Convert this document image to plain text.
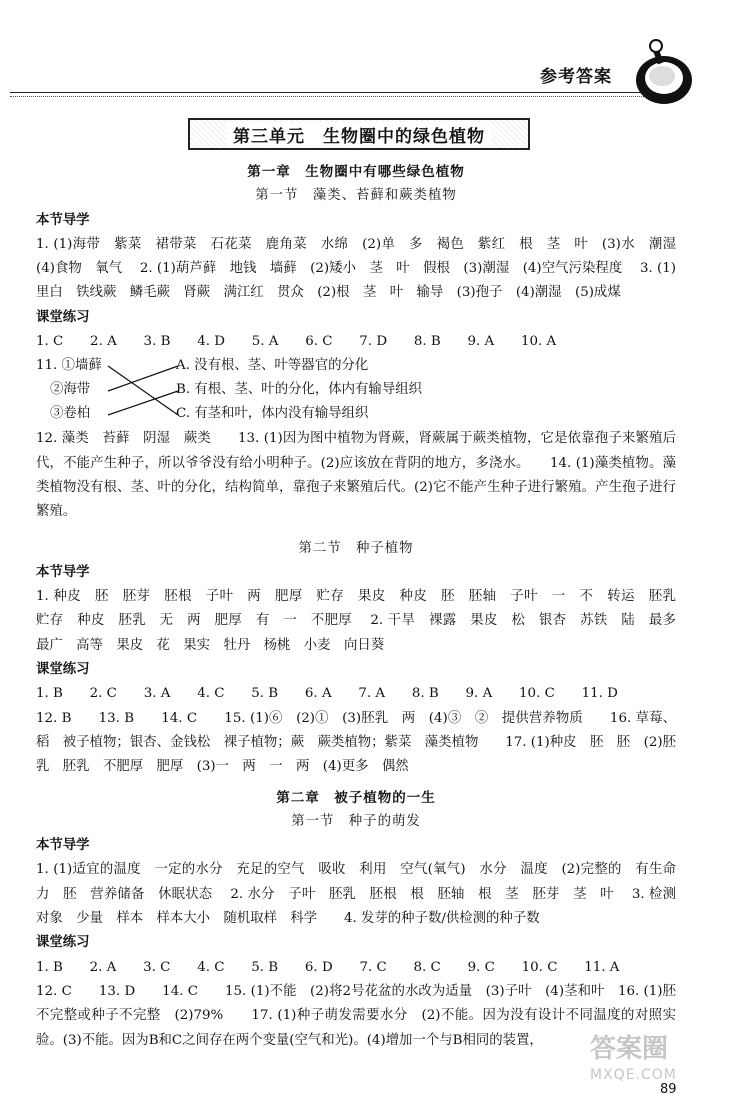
参考答案
第三单元　生物圈中的绿色植物
第一章　生物圈中有哪些绿色植物
第一节　藻类、苔藓和蕨类植物
本节导学
1. (1)海带　紫菜　裙带菜　石花菜　鹿角菜　水绵　(2)单　多　褐色　紫红　根　茎　叶　(3)水　潮湿　(4)食物　氧气　 2. (1)葫芦藓　地钱　墙藓　(2)矮小　茎　叶　假根　(3)潮湿　(4)空气污染程度　 3. (1)里白　铁线蕨　鳞毛蕨　肾蕨　满江红　贯众　(2)根　茎　叶　输导　(3)孢子　(4)潮湿　(5)成煤
课堂练习
1. C　　2. A　　3. B　　4. D　　5. A　　6. C　　7. D　　8. B　　9. A　　10. A
11. ①墙藓
②海带
③卷柏
A. 没有根、茎、叶等器官的分化
B. 有根、茎、叶的分化，体内有输导组织
C. 有茎和叶，体内没有输导组织
12. 藻类　苔藓　阴湿　蕨类　　13. (1)因为图中植物为肾蕨，肾蕨属于蕨类植物，它是依靠孢子来繁殖后代，不能产生种子，所以爷爷没有给小明种子。(2)应该放在背阴的地方，多浇水。　　14. (1)藻类植物。藻类植物没有根、茎、叶的分化，结构简单，靠孢子来繁殖后代。(2)它不能产生种子进行繁殖。产生孢子进行繁殖。
第二节　种子植物
本节导学
1. 种皮　胚　胚芽　胚根　子叶　两　肥厚　贮存　果皮　种皮　胚　胚轴　子叶　一　不　转运　胚乳　贮存　种皮　胚乳　无　两　肥厚　有　一　不肥厚　 2. 干旱　裸露　果皮　松　银杏　苏铁　陆　最多　最广　高等　果皮　花　果实　牡丹　杨桃　小麦　向日葵
课堂练习
1. B　　2. C　　3. A　　4. C　　5. B　　6. A　　7. A　　8. B　　9. A　　10. C　　11. D
12. B　　13. B　　14. C　　15. (1)⑥　(2)①　(3)胚乳　两　(4)③　②　提供营养物质　　16. 草莓、稻　被子植物；银杏、金钱松　裸子植物；蕨　蕨类植物；紫菜　藻类植物　　17. (1)种皮　胚　胚　(2)胚乳　胚乳　不肥厚　肥厚　(3)一　两　一　两　(4)更多　偶然
第二章　被子植物的一生
第一节　种子的萌发
本节导学
1. (1)适宜的温度　一定的水分　充足的空气　吸收　利用　空气(氧气)　水分　温度　(2)完整的　有生命力　胚　营养储备　休眠状态　 2. 水分　子叶　胚乳　胚根　根　胚轴　根　茎　胚芽　茎　叶　 3. 检测对象　少量　样本　样本大小　随机取样　科学　　4. 发芽的种子数/供检测的种子数
课堂练习
1. B　　2. A　　3. C　　4. C　　5. B　　6. D　　7. C　　8. C　　9. C　　10. C　　11. A
12. C　　13. D　　14. C　　15. (1)不能　(2)将2号花盆的水改为适量　(3)子叶　(4)茎和叶　16. (1)胚不完整或种子不完整　(2)79%　　17. (1)种子萌发需要水分　(2)不能。因为没有设计不同温度的对照实验。(3)不能。因为B和C之间存在两个变量(空气和光)。(4)增加一个与B相同的装置，
89
答案圈
MXQE.COM
